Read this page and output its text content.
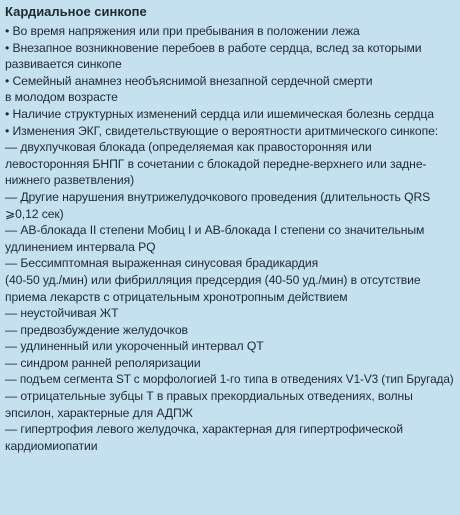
Кардиальное синкопе
• Во время напряжения или при пребывания в положении лежа
• Внезапное возникновение перебоев в работе сердца, вслед за которыми
развивается синкопе
• Семейный анамнез необъяснимой внезапной сердечной смерти
в молодом возрасте
• Наличие структурных изменений сердца или ишемическая болезнь сердца
• Изменения ЭКГ, свидетельствующие о вероятности аритмического синкопе:
— двухпучковая блокада (определяемая как правосторонняя или
левосторонняя БНПГ в сочетании с блокадой передне-верхнего или задне-
нижнего разветвления)
— Другие нарушения внутрижелудочкового проведения (длительность QRS
⩾0,12 сек)
— АВ-блокада II степени Мобиц I и АВ-блокада I степени со значительным
удлинением интервала PQ
— Бессимптомная выраженная синусовая брадикардия
(40-50 уд./мин) или фибрилляция предсердия (40-50 уд./мин) в отсутствие
приема лекарств с отрицательным хронотропным действием
— неустойчивая ЖТ
— предвозбуждение желудочков
— удлиненный или укороченный интервал QT
— синдром ранней реполяризации
— подъем сегмента ST с морфологией 1-го типа в отведениях V1-V3 (тип Бругада)
— отрицательные зубцы Т в правых прекордиальных отведениях, волны
эпсилон, характерные для АДПЖ
— гипертрофия левого желудочка, характерная для гипертрофической
кардиомиопатии
